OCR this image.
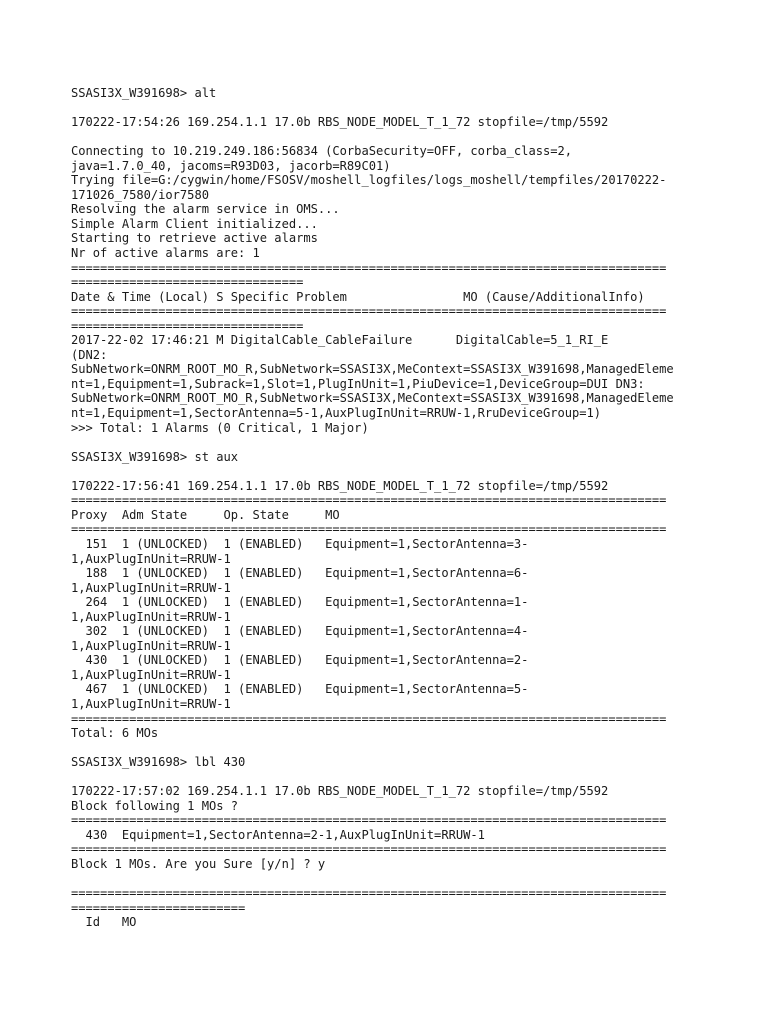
SSASI3X_W391698> alt
170222-17:54:26 169.254.1.1 17.0b RBS_NODE_MODEL_T_1_72 stopfile=/tmp/5592
Connecting to 10.219.249.186:56834 (CorbaSecurity=OFF, corba_class=2,
java=1.7.0_40, jacoms=R93D03, jacorb=R89C01)
Trying file=G:/cygwin/home/FSOSV/moshell_logfiles/logs_moshell/tempfiles/20170222-
171026_7580/ior7580
Resolving the alarm service in OMS...
Simple Alarm Client initialized...
Starting to retrieve active alarms
Nr of active alarms are: 1
==================================================================================
================================
Date & Time (Local) S Specific Problem                MO (Cause/AdditionalInfo)
==================================================================================
================================
2017-22-02 17:46:21 M DigitalCable_CableFailure      DigitalCable=5_1_RI_E
(DN2:
SubNetwork=ONRM_ROOT_MO_R,SubNetwork=SSASI3X,MeContext=SSASI3X_W391698,ManagedEleme
nt=1,Equipment=1,Subrack=1,Slot=1,PlugInUnit=1,PiuDevice=1,DeviceGroup=DUI DN3:
SubNetwork=ONRM_ROOT_MO_R,SubNetwork=SSASI3X,MeContext=SSASI3X_W391698,ManagedEleme
nt=1,Equipment=1,SectorAntenna=5-1,AuxPlugInUnit=RRUW-1,RruDeviceGroup=1)
>>> Total: 1 Alarms (0 Critical, 1 Major)
SSASI3X_W391698> st aux
170222-17:56:41 169.254.1.1 17.0b RBS_NODE_MODEL_T_1_72 stopfile=/tmp/5592
==================================================================================
Proxy  Adm State     Op. State     MO
==================================================================================
151  1 (UNLOCKED)  1 (ENABLED)   Equipment=1,SectorAntenna=3-
1,AuxPlugInUnit=RRUW-1
188  1 (UNLOCKED)  1 (ENABLED)   Equipment=1,SectorAntenna=6-
1,AuxPlugInUnit=RRUW-1
264  1 (UNLOCKED)  1 (ENABLED)   Equipment=1,SectorAntenna=1-
1,AuxPlugInUnit=RRUW-1
302  1 (UNLOCKED)  1 (ENABLED)   Equipment=1,SectorAntenna=4-
1,AuxPlugInUnit=RRUW-1
430  1 (UNLOCKED)  1 (ENABLED)   Equipment=1,SectorAntenna=2-
1,AuxPlugInUnit=RRUW-1
467  1 (UNLOCKED)  1 (ENABLED)   Equipment=1,SectorAntenna=5-
1,AuxPlugInUnit=RRUW-1
==================================================================================
Total: 6 MOs
SSASI3X_W391698> lbl 430
170222-17:57:02 169.254.1.1 17.0b RBS_NODE_MODEL_T_1_72 stopfile=/tmp/5592
Block following 1 MOs ?
==================================================================================
430  Equipment=1,SectorAntenna=2-1,AuxPlugInUnit=RRUW-1
==================================================================================
Block 1 MOs. Are you Sure [y/n] ? y
==================================================================================
========================
Id   MO
